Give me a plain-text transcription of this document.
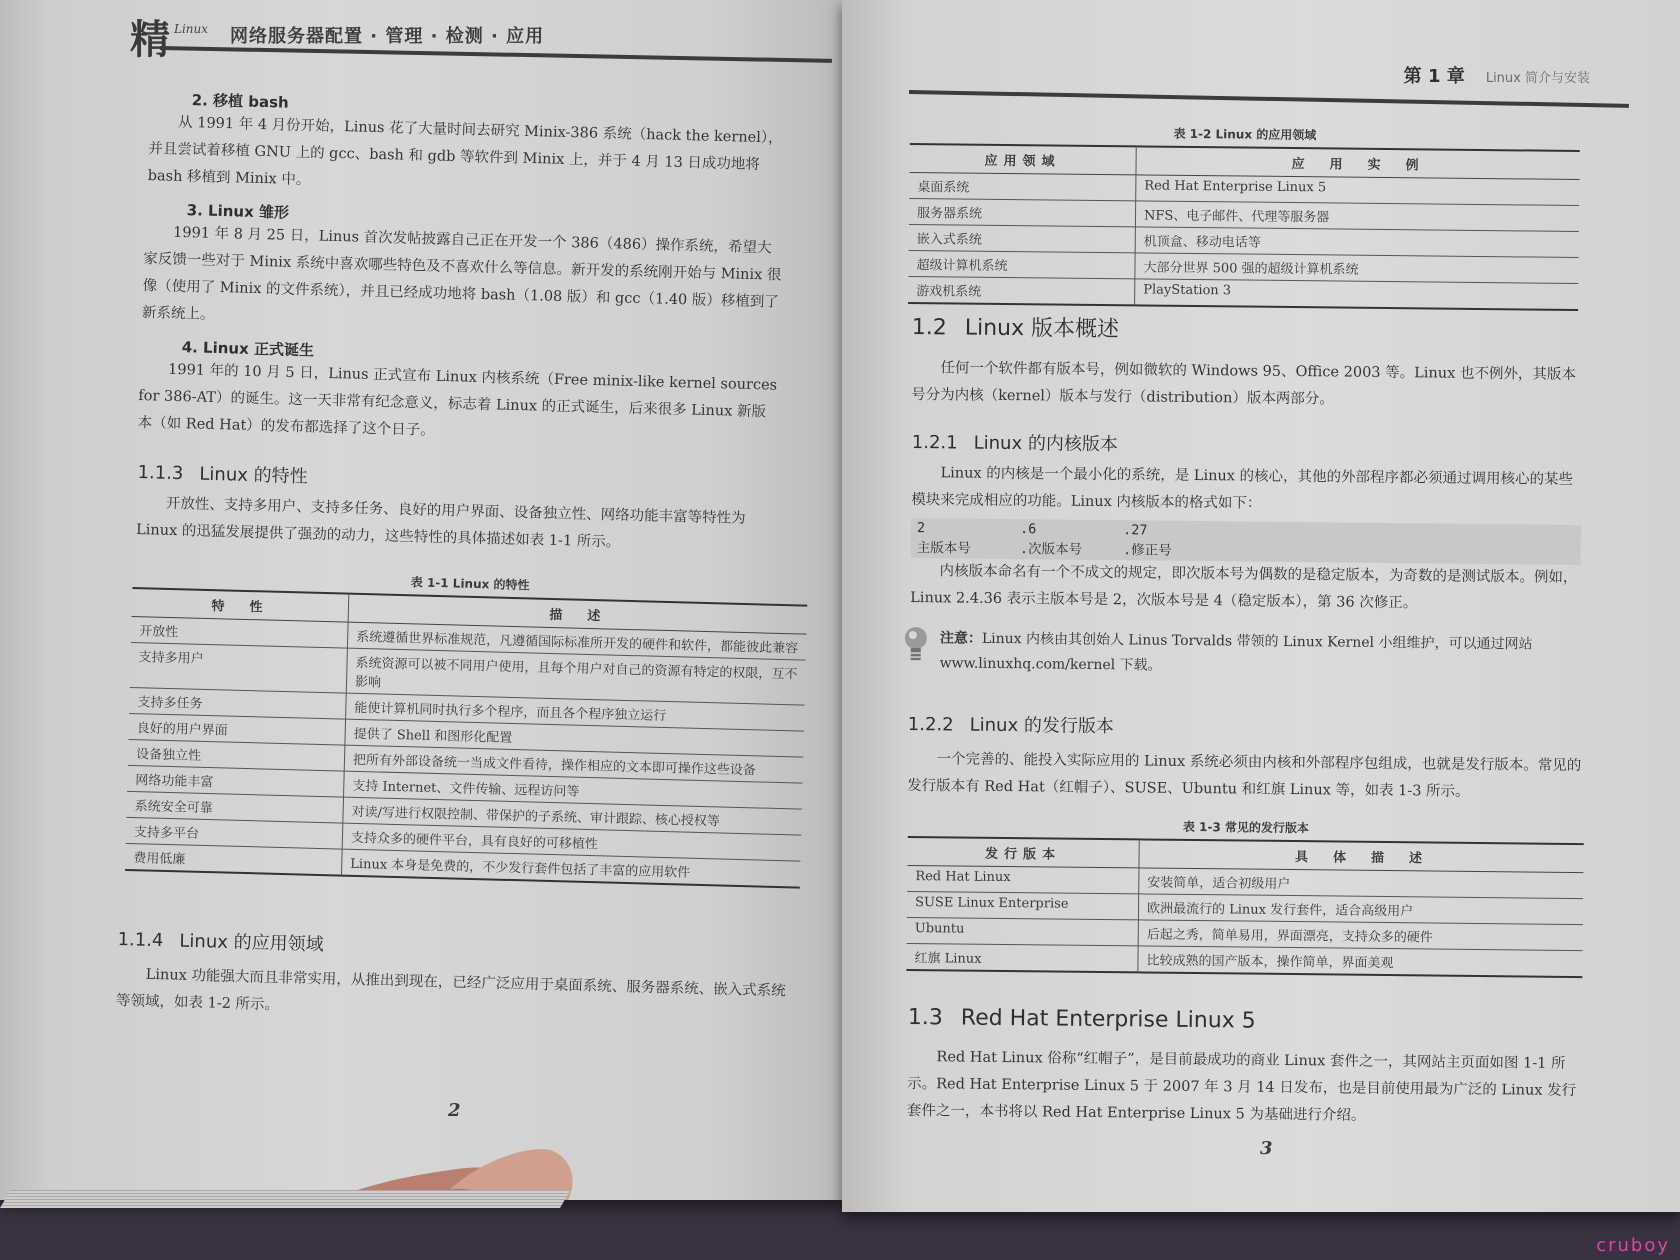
精 Linux 网络服务器配置 · 管理 · 检测 · 应用
2. 移植 bash
从 1991 年 4 月份开始，Linus 花了大量时间去研究 Minix-386 系统（hack the kernel），并且尝试着移植 GNU 上的 gcc、bash 和 gdb 等软件到 Minix 上，并于 4 月 13 日成功地将 bash 移植到 Minix 中。
3. Linux 雏形
1991 年 8 月 25 日，Linus 首次发帖披露自己正在开发一个 386（486）操作系统，希望大家反馈一些对于 Minix 系统中喜欢哪些特色及不喜欢什么等信息。新开发的系统刚开始与 Minix 很像（使用了 Minix 的文件系统），并且已经成功地将 bash（1.08 版）和 gcc（1.40 版）移植到了新系统上。
4. Linux 正式诞生
1991 年的 10 月 5 日，Linus 正式宣布 Linux 内核系统（Free minix-like kernel sources for 386-AT）的诞生。这一天非常有纪念意义，标志着 Linux 的正式诞生，后来很多 Linux 新版本（如 Red Hat）的发布都选择了这个日子。
1.1.3 Linux 的特性
开放性、支持多用户、支持多任务、良好的用户界面、设备独立性、网络功能丰富等特性为 Linux 的迅猛发展提供了强劲的动力，这些特性的具体描述如表 1-1 所示。
表 1-1 Linux 的特性
特　性	描　述
开放性	系统遵循世界标准规范，凡遵循国际标准所开发的硬件和软件，都能彼此兼容
支持多用户	系统资源可以被不同用户使用，且每个用户对自己的资源有特定的权限，互不影响
支持多任务	能使计算机同时执行多个程序，而且各个程序独立运行
良好的用户界面	提供了 Shell 和图形化配置
设备独立性	把所有外部设备统一当成文件看待，操作相应的文本即可操作这些设备
网络功能丰富	支持 Internet、文件传输、远程访问等
系统安全可靠	对读/写进行权限控制、带保护的子系统、审计跟踪、核心授权等
支持多平台	支持众多的硬件平台，具有良好的可移植性
费用低廉	Linux 本身是免费的，不少发行套件包括了丰富的应用软件
1.1.4 Linux 的应用领域
Linux 功能强大而且非常实用，从推出到现在，已经广泛应用于桌面系统、服务器系统、嵌入式系统等领域，如表 1-2 所示。
2
第 1 章 Linux 简介与安装
表 1-2 Linux 的应用领域
应用领域	应　用　实　例
桌面系统	Red Hat Enterprise Linux 5
服务器系统	NFS、电子邮件、代理等服务器
嵌入式系统	机顶盒、移动电话等
超级计算机系统	大部分世界 500 强的超级计算机系统
游戏机系统	PlayStation 3
1.2 Linux 版本概述
任何一个软件都有版本号，例如微软的 Windows 95、Office 2003 等。Linux 也不例外，其版本号分为内核（kernel）版本与发行（distribution）版本两部分。
1.2.1 Linux 的内核版本
Linux 的内核是一个最小化的系统，是 Linux 的核心，其他的外部程序都必须通过调用核心的某些模块来完成相应的功能。Linux 内核版本的格式如下：
2	.6	.27
主版本号	.次版本号	.修正号
内核版本命名有一个不成文的规定，即次版本号为偶数的是稳定版本，为奇数的是测试版本。例如，Linux 2.4.36 表示主版本号是 2，次版本号是 4（稳定版本），第 36 次修正。
注意：Linux 内核由其创始人 Linus Torvalds 带领的 Linux Kernel 小组维护，可以通过网站 www.linuxhq.com/kernel 下载。
1.2.2 Linux 的发行版本
一个完善的、能投入实际应用的 Linux 系统必须由内核和外部程序包组成，也就是发行版本。常见的发行版本有 Red Hat（红帽子）、SUSE、Ubuntu 和红旗 Linux 等，如表 1-3 所示。
表 1-3 常见的发行版本
发行版本	具　体　描　述
Red Hat Linux	安装简单，适合初级用户
SUSE Linux Enterprise	欧洲最流行的 Linux 发行套件，适合高级用户
Ubuntu	后起之秀，简单易用，界面漂亮，支持众多的硬件
红旗 Linux	比较成熟的国产版本，操作简单，界面美观
1.3 Red Hat Enterprise Linux 5
Red Hat Linux 俗称“红帽子”，是目前最成功的商业 Linux 套件之一，其网站主页面如图 1-1 所示。Red Hat Enterprise Linux 5 于 2007 年 3 月 14 日发布，也是目前使用最为广泛的 Linux 发行套件之一，本书将以 Red Hat Enterprise Linux 5 为基础进行介绍。
3
cruboy
